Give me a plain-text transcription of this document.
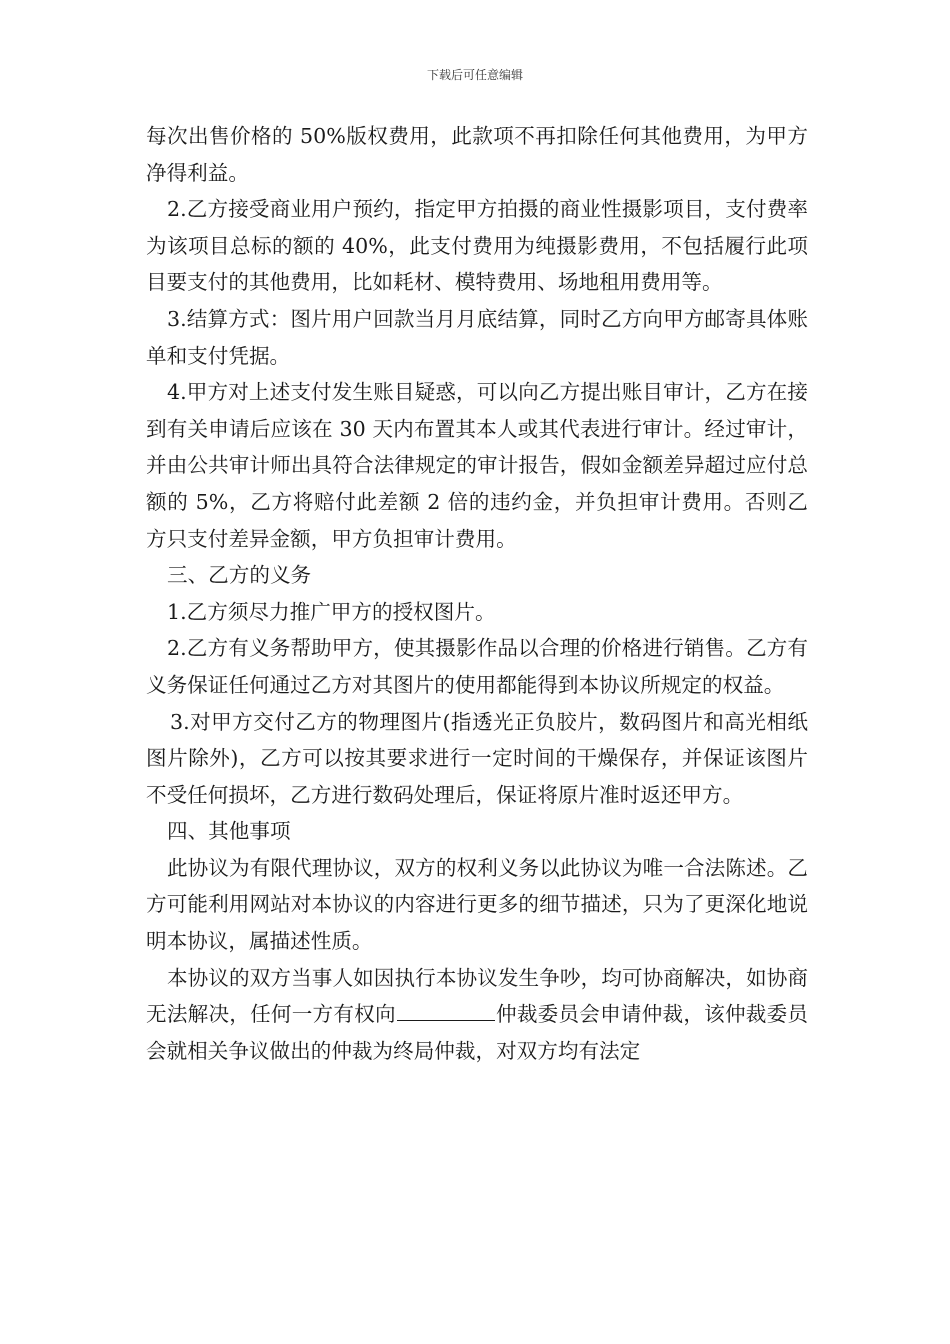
下载后可任意编辑

每次出售价格的 50%版权费用，此款项不再扣除任何其他费用，为甲方净得利益。

2.乙方接受商业用户预约，指定甲方拍摄的商业性摄影项目，支付费率为该项目总标的额的 40%，此支付费用为纯摄影费用，不包括履行此项目要支付的其他费用，比如耗材、模特费用、场地租用费用等。

3.结算方式：图片用户回款当月月底结算，同时乙方向甲方邮寄具体账单和支付凭据。

4.甲方对上述支付发生账目疑惑，可以向乙方提出账目审计，乙方在接到有关申请后应该在 30 天内布置其本人或其代表进行审计。经过审计，并由公共审计师出具符合法律规定的审计报告，假如金额差异超过应付总额的 5%，乙方将赔付此差额 2 倍的违约金，并负担审计费用。否则乙方只支付差异金额，甲方负担审计费用。

三、乙方的义务

1.乙方须尽力推广甲方的授权图片。

2.乙方有义务帮助甲方，使其摄影作品以合理的价格进行销售。乙方有义务保证任何通过乙方对其图片的使用都能得到本协议所规定的权益。

3.对甲方交付乙方的物理图片(指透光正负胶片，数码图片和高光相纸图片除外)，乙方可以按其要求进行一定时间的干燥保存，并保证该图片不受任何损坏，乙方进行数码处理后，保证将原片准时返还甲方。

四、其他事项

此协议为有限代理协议，双方的权利义务以此协议为唯一合法陈述。乙方可能利用网站对本协议的内容进行更多的细节描述，只为了更深化地说明本协议，属描述性质。

本协议的双方当事人如因执行本协议发生争吵，均可协商解决，如协商无法解决，任何一方有权向	仲裁委员会申请仲裁，该仲裁委员会就相关争议做出的仲裁为终局仲裁，对双方均有法定
